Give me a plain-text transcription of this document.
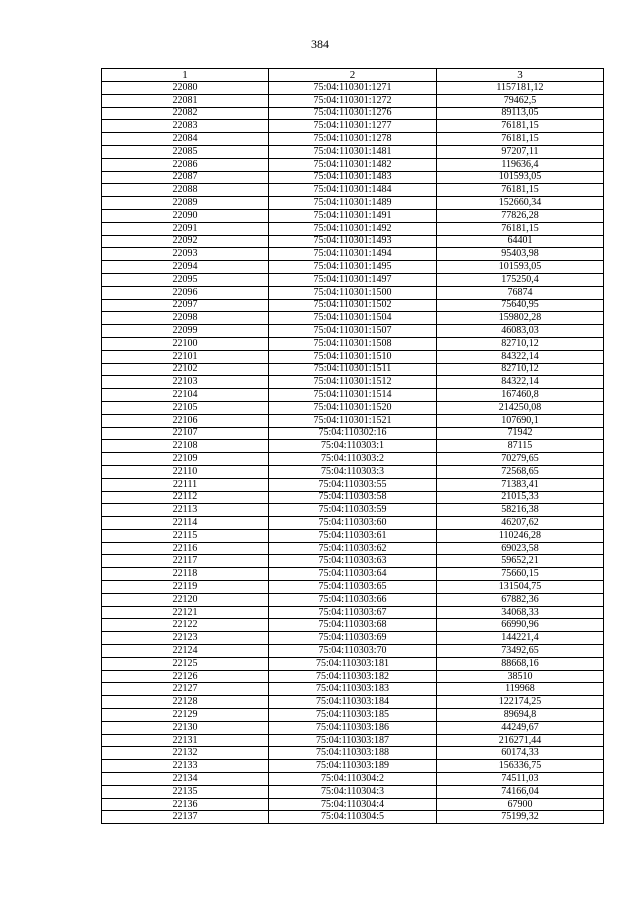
384
1	2	3
22080	75:04:110301:1271	1157181,12
22081	75:04:110301:1272	79462,5
22082	75:04:110301:1276	89113,05
22083	75:04:110301:1277	76181,15
22084	75:04:110301:1278	76181,15
22085	75:04:110301:1481	97207,11
22086	75:04:110301:1482	119636,4
22087	75:04:110301:1483	101593,05
22088	75:04:110301:1484	76181,15
22089	75:04:110301:1489	152660,34
22090	75:04:110301:1491	77826,28
22091	75:04:110301:1492	76181,15
22092	75:04:110301:1493	64401
22093	75:04:110301:1494	95403,98
22094	75:04:110301:1495	101593,05
22095	75:04:110301:1497	175250,4
22096	75:04:110301:1500	76874
22097	75:04:110301:1502	75640,95
22098	75:04:110301:1504	159802,28
22099	75:04:110301:1507	46083,03
22100	75:04:110301:1508	82710,12
22101	75:04:110301:1510	84322,14
22102	75:04:110301:1511	82710,12
22103	75:04:110301:1512	84322,14
22104	75:04:110301:1514	167460,8
22105	75:04:110301:1520	214250,08
22106	75:04:110301:1521	107690,1
22107	75:04:110302:16	71942
22108	75:04:110303:1	87115
22109	75:04:110303:2	70279,65
22110	75:04:110303:3	72568,65
22111	75:04:110303:55	71383,41
22112	75:04:110303:58	21015,33
22113	75:04:110303:59	58216,38
22114	75:04:110303:60	46207,62
22115	75:04:110303:61	110246,28
22116	75:04:110303:62	69023,58
22117	75:04:110303:63	59652,21
22118	75:04:110303:64	75660,15
22119	75:04:110303:65	131504,75
22120	75:04:110303:66	67882,36
22121	75:04:110303:67	34068,33
22122	75:04:110303:68	66990,96
22123	75:04:110303:69	144221,4
22124	75:04:110303:70	73492,65
22125	75:04:110303:181	88668,16
22126	75:04:110303:182	38510
22127	75:04:110303:183	119968
22128	75:04:110303:184	122174,25
22129	75:04:110303:185	89694,8
22130	75:04:110303:186	44249,67
22131	75:04:110303:187	216271,44
22132	75:04:110303:188	60174,33
22133	75:04:110303:189	156336,75
22134	75:04:110304:2	74511,03
22135	75:04:110304:3	74166,04
22136	75:04:110304:4	67900
22137	75:04:110304:5	75199,32
